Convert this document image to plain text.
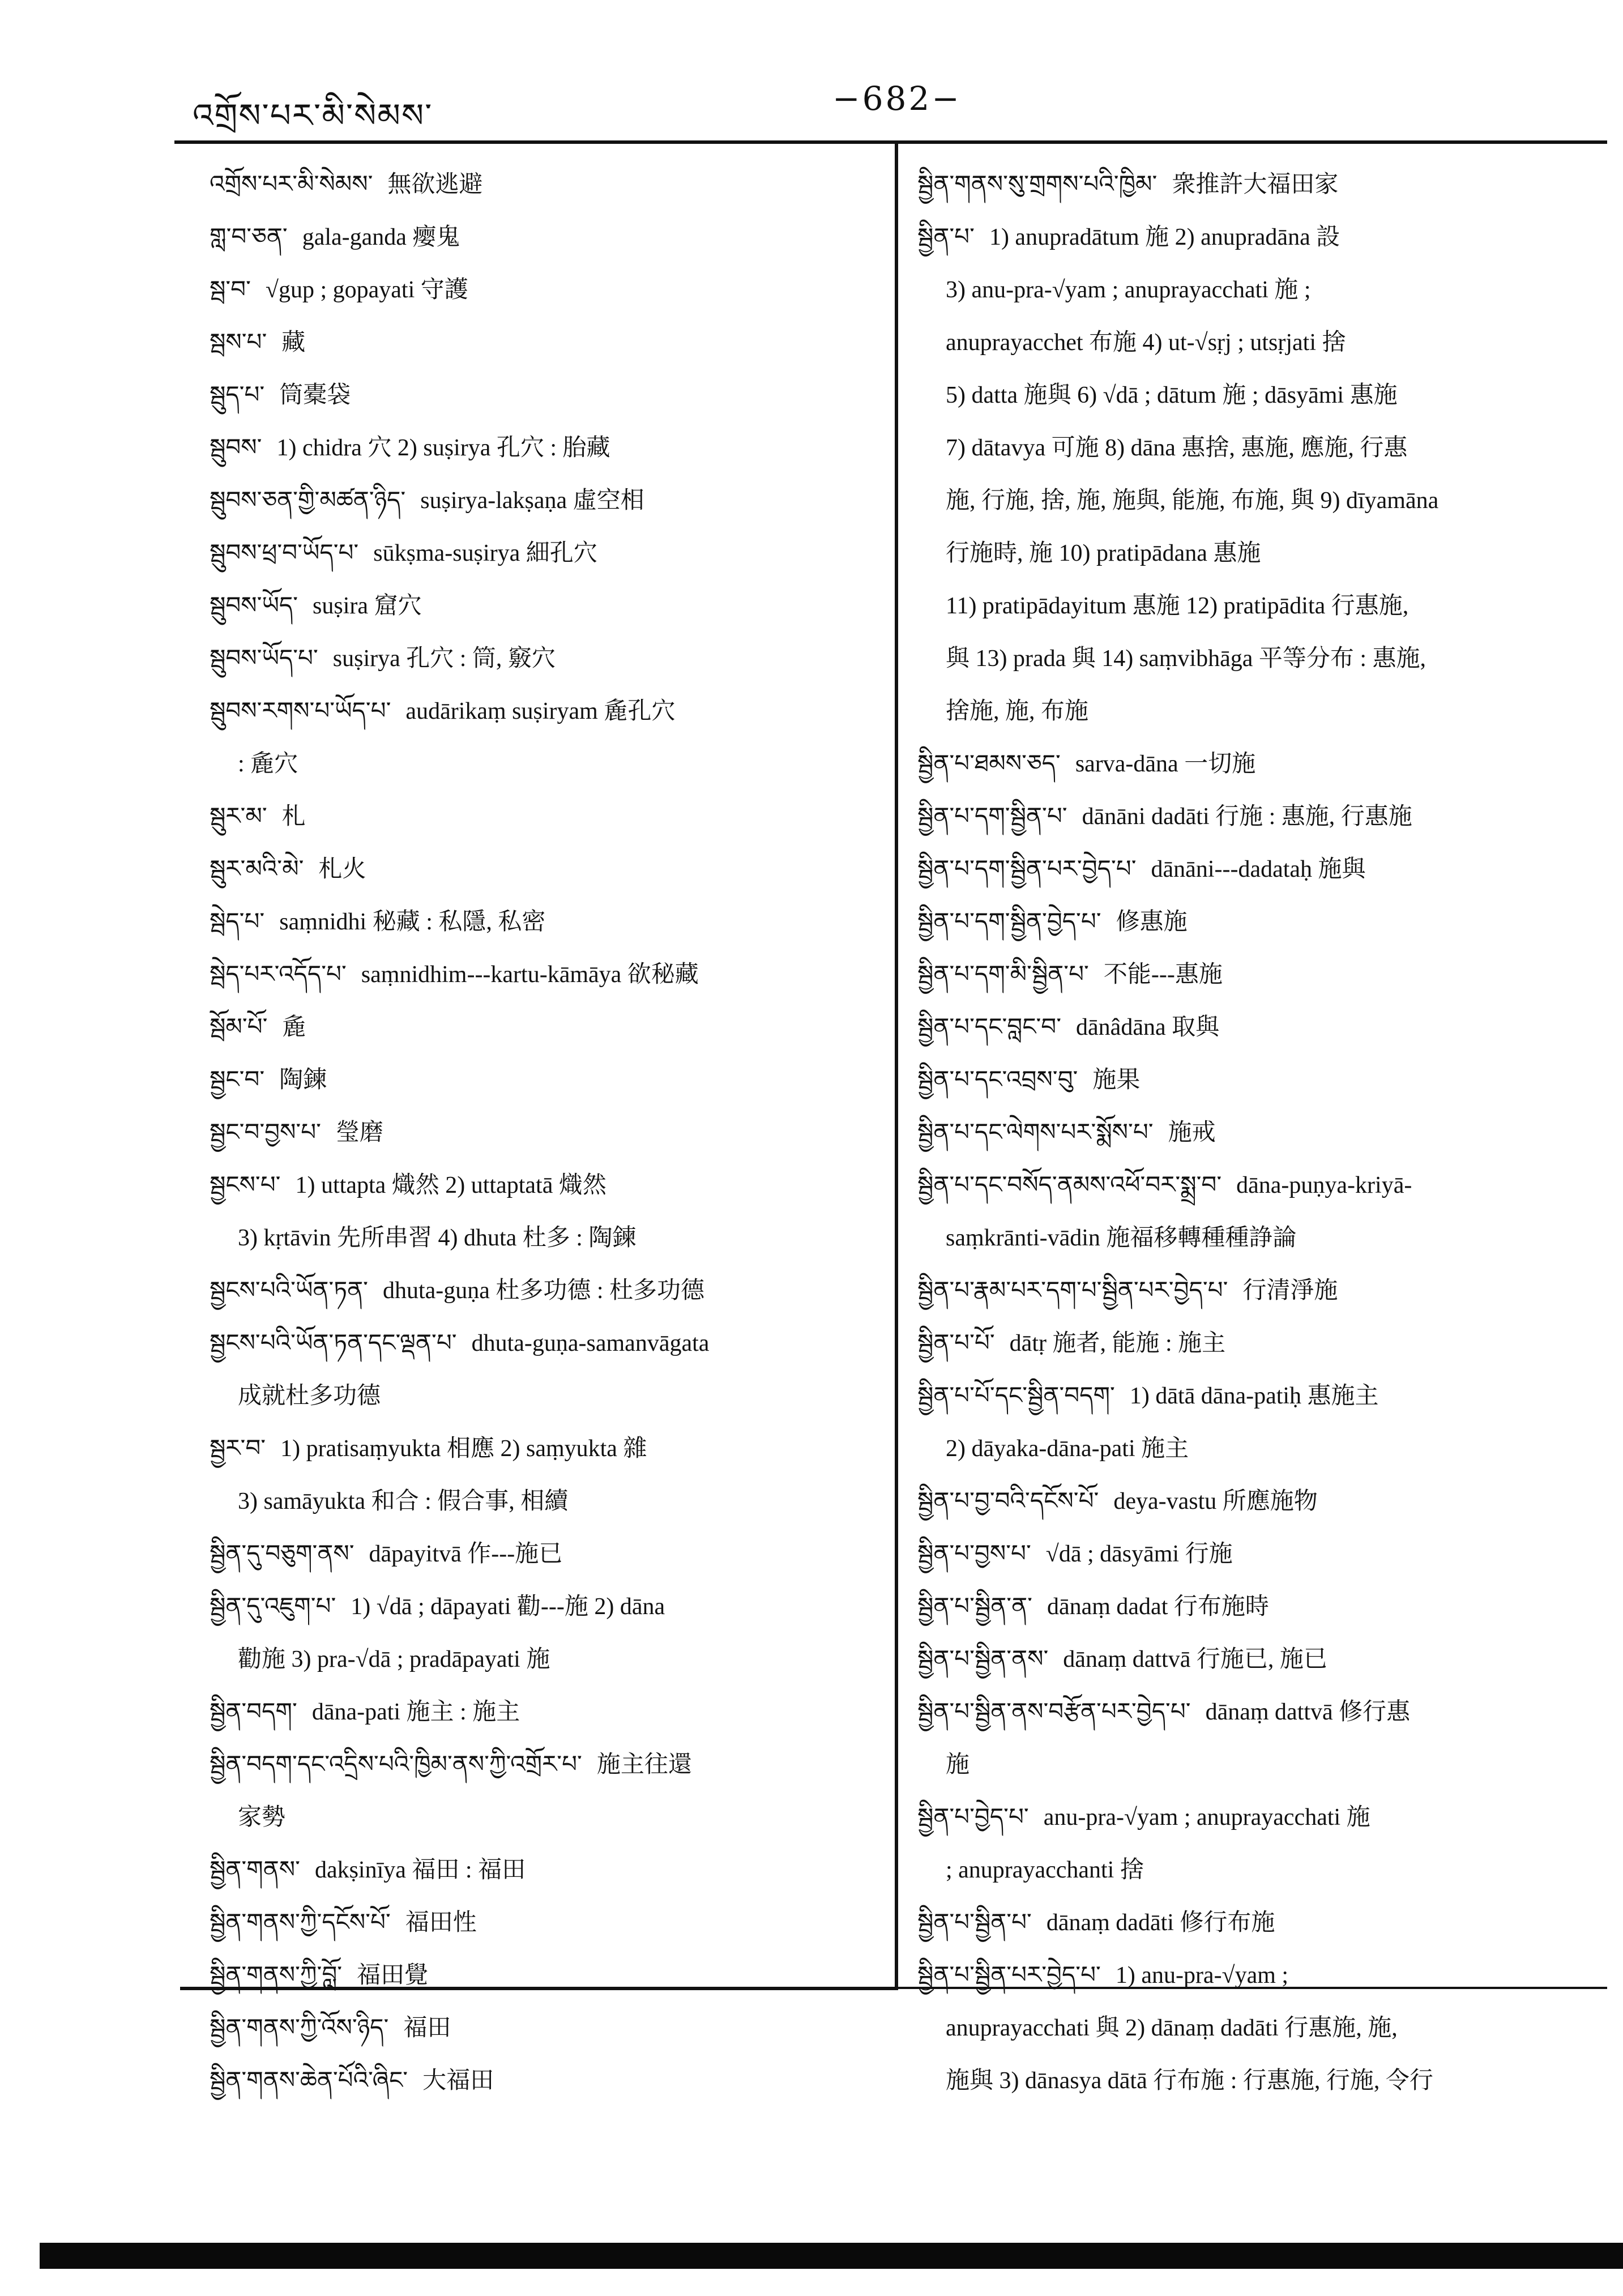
འགྲོས་པར་མི་སེམས་	−682−
འགྲོས་པར་མི་སེམས་ 無欲逃避
གླ་བ་ཅན་ gala-ganda 瘿鬼
སྦ་བ་ √gup ; gopayati 守護
སྦས་པ་ 藏
སྦུད་པ་ 筒橐袋
སྦུབས་ 1) chidra 穴 2) suṣirya 孔穴 : 胎藏
སྦུབས་ཅན་གྱི་མཚན་ཉིད་ suṣirya-lakṣaṇa 虛空相
སྦུབས་ཕྲ་བ་ཡོད་པ་ sūkṣma-suṣirya 細孔穴
སྦུབས་ཡོད་ suṣira 窟穴
སྦུབས་ཡོད་པ་ suṣirya 孔穴 : 筒, 竅穴
སྦུབས་རགས་པ་ཡོད་པ་ audārikaṃ suṣiryam 麁孔穴
: 麁穴
སྦུར་མ་ 札
སྦུར་མའི་མེ་ 札火
སྦེད་པ་ saṃnidhi 秘藏 : 私隱, 私密
སྦེད་པར་འདོད་པ་ saṃnidhim---kartu-kāmāya 欲秘藏
སྦོམ་པོ་ 麁
སྦྱང་བ་ 陶鍊
སྦྱང་བ་བྱས་པ་ 瑩磨
སྦྱངས་པ་ 1) uttapta 熾然 2) uttaptatā 熾然
3) kṛtāvin 先所串習 4) dhuta 杜多 : 陶鍊
སྦྱངས་པའི་ཡོན་ཏན་ dhuta-guṇa 杜多功德 : 杜多功德
སྦྱངས་པའི་ཡོན་ཏན་དང་ལྡན་པ་ dhuta-guṇa-samanvāgata
成就杜多功德
སྦྱར་བ་ 1) pratisaṃyukta 相應 2) saṃyukta 雜
3) samāyukta 和合 : 假合事, 相續
སྦྱིན་དུ་བཅུག་ནས་ dāpayitvā 作---施已
སྦྱིན་དུ་འཇུག་པ་ 1) √dā ; dāpayati 勸---施 2) dāna
勸施 3) pra-√dā ; pradāpayati 施
སྦྱིན་བདག་ dāna-pati 施主 : 施主
སྦྱིན་བདག་དང་འདྲིས་པའི་ཁྱིམ་ནས་ཀྱི་འགྲོར་པ་ 施主往還
家勢
སྦྱིན་གནས་ dakṣinīya 福田 : 福田
སྦྱིན་གནས་ཀྱི་དངོས་པོ་ 福田性
སྦྱིན་གནས་ཀྱི་བློ་ 福田覺
སྦྱིན་གནས་ཀྱི་འོས་ཉིད་ 福田
སྦྱིན་གནས་ཆེན་པོའི་ཞིང་ 大福田
སྦྱིན་གནས་སུ་གྲགས་པའི་ཁྱིམ་ 衆推許大福田家
སྦྱིན་པ་ 1) anupradātum 施 2) anupradāna 設
3) anu-pra-√yam ; anuprayacchati 施 ;
anuprayacchet 布施 4) ut-√sṛj ; utsṛjati 捨
5) datta 施與 6) √dā ; dātum 施 ; dāsyāmi 惠施
7) dātavya 可施 8) dāna 惠捨, 惠施, 應施, 行惠
施, 行施, 捨, 施, 施與, 能施, 布施, 與 9) dīyamāna
行施時, 施 10) pratipādana 惠施
11) pratipādayitum 惠施 12) pratipādita 行惠施,
與 13) prada 與 14) saṃvibhāga 平等分布 : 惠施,
捨施, 施, 布施
སྦྱིན་པ་ཐམས་ཅད་ sarva-dāna 一切施
སྦྱིན་པ་དག་སྦྱིན་པ་ dānāni dadāti 行施 : 惠施, 行惠施
སྦྱིན་པ་དག་སྦྱིན་པར་བྱེད་པ་ dānāni---dadataḥ 施與
སྦྱིན་པ་དག་སྦྱིན་བྱེད་པ་ 修惠施
སྦྱིན་པ་དག་མི་སྦྱིན་པ་ 不能---惠施
སྦྱིན་པ་དང་བླང་བ་ dānâdāna 取與
སྦྱིན་པ་དང་འབྲས་བུ་ 施果
སྦྱིན་པ་དང་ལེགས་པར་སྨོས་པ་ 施戒
སྦྱིན་པ་དང་བསོད་ནམས་འཕོ་བར་སྨྲ་བ་ dāna-puṇya-kriyā-
saṃkrānti-vādin 施福移轉種種諍論
སྦྱིན་པ་རྣམ་པར་དག་པ་སྦྱིན་པར་བྱེད་པ་ 行清淨施
སྦྱིན་པ་པོ་ dātṛ 施者, 能施 : 施主
སྦྱིན་པ་པོ་དང་སྦྱིན་བདག་ 1) dātā dāna-patiḥ 惠施主
2) dāyaka-dāna-pati 施主
སྦྱིན་པ་བྱ་བའི་དངོས་པོ་ deya-vastu 所應施物
སྦྱིན་པ་བྱས་པ་ √dā ; dāsyāmi 行施
སྦྱིན་པ་སྦྱིན་ན་ dānaṃ dadat 行布施時
སྦྱིན་པ་སྦྱིན་ནས་ dānaṃ dattvā 行施已, 施已
སྦྱིན་པ་སྦྱིན་ནས་བརྩོན་པར་བྱེད་པ་ dānaṃ dattvā 修行惠
施
སྦྱིན་པ་བྱེད་པ་ anu-pra-√yam ; anuprayacchati 施
; anuprayacchanti 捨
སྦྱིན་པ་སྦྱིན་པ་ dānaṃ dadāti 修行布施
སྦྱིན་པ་སྦྱིན་པར་བྱེད་པ་ 1) anu-pra-√yam ;
anuprayacchati 與 2) dānaṃ dadāti 行惠施, 施,
施與 3) dānasya dātā 行布施 : 行惠施, 行施, 令行
